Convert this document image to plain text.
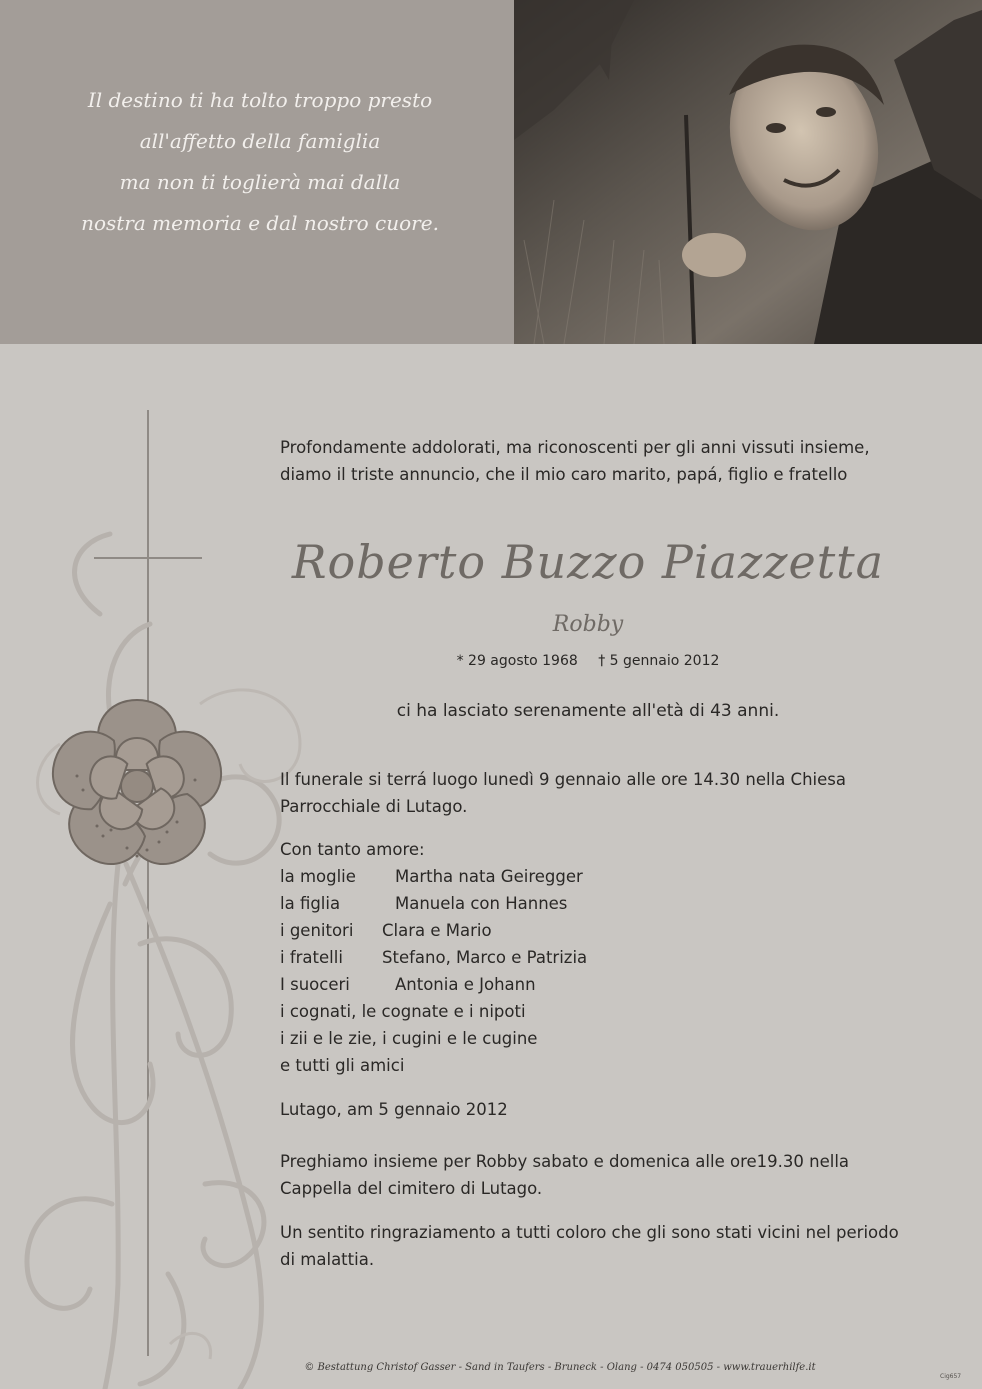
Il destino ti ha tolto troppo presto
all'affetto della famiglia
ma non ti toglierà mai dalla
nostra memoria e dal nostro cuore.
Profondamente addolorati, ma riconoscenti per gli anni vissuti insieme,
diamo il triste annuncio, che il mio caro marito, papá, figlio e fratello
Roberto Buzzo Piazzetta
Robby
* 29 agosto 1968 † 5 gennaio 2012
ci ha lasciato serenamente all'età di 43 anni.
Il funerale si terrá luogo lunedì 9 gennaio alle ore 14.30 nella Chiesa
Parrocchiale di Lutago.
Con tanto amore:
la moglie	Martha nata Geiregger
la figlia	Manuela con Hannes
i genitori	Clara e Mario
i fratelli	Stefano, Marco e Patrizia
I suoceri	Antonia e Johann
i cognati, le cognate e i nipoti
i zii e le zie, i cugini e le cugine
e tutti gli amici
Lutago, am 5 gennaio 2012
Preghiamo insieme per Robby sabato e domenica alle ore19.30 nella
Cappella del cimitero di Lutago.
Un sentito ringraziamento a tutti coloro che gli sono stati vicini nel periodo
di malattia.
© Bestattung Christof Gasser - Sand in Taufers - Bruneck - Olang - 0474 050505 - www.trauerhilfe.it
Cig657
